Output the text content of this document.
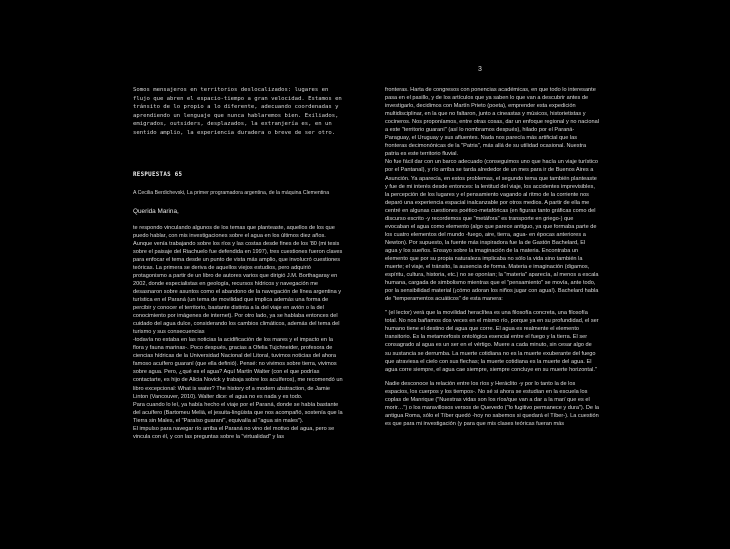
3
Somos mensajeros en territorios deslocalizados: lugares en flujo que abren el espacio-tiempo a gran velocidad. Estamos en tránsito de lo propio a lo diferente, adecuando coordenadas y aprendiendo un lenguaje que nunca hablaremos bien. Exiliados, emigrados, outsiders, desplazados, la extranjería es, en un sentido amplio, la experiencia duradera o breve de ser otro.
RESPUESTAS 65
A Cecilia Berdichevski, La primer programadora argentina, de la máquina Clementina
Querida Marina,
te respondo vinculando algunos de los temas que planteaste, aquellos de los que puedo hablar, con mis investigaciones sobre el agua en los últimos diez años. Aunque venía trabajando sobre los ríos y las costas desde fines de los '80 (mi tesis sobre el paisaje del Riachuelo fue defendida en 1997), tres cuestiones fueron claves para enfocar el tema desde un punto de vista más amplio, que involucró cuestiones teóricas. La primera se deriva de aquellos viejos estudios, pero adquirió protagonismo a partir de un libro de autores varios que dirigió J.M. Borthagaray en 2002, donde especialistas en geología, recursos hídricos y navegación me desasnaron sobre asuntos como el abandono de la navegación de línea argentina y turística en el Paraná (un tema de movilidad que implica además una forma de percibir y conocer el territorio, bastante distinta a la del viaje en avión o la del conocimiento por imágenes de internet). Por otro lado, ya se hablaba entonces del cuidado del agua dulce, considerando los cambios climáticos, además del tema del turismo y sus consecuencias
-todavía no estaba en las noticias la acidificación de los mares y el impacto en la flora y fauna marinas-. Poco después, gracias a Ofelia Tujchneider, profesora de ciencias hídricas de la Universidad Nacional del Litoral, tuvimos noticias del ahora famoso acuífero guaraní (que ella definió). Pensé: no vivimos sobre tierra, vivimos sobre agua. Pero, ¿qué es el agua? Aquí Martín Walter (con el que podrías contactarte, es hijo de Alicia Novick y trabaja sobre los acuíferos), me recomendó un libro excepcional: What is water? The history of a modern abstraction, de Jamie Linton (Vancouver, 2010). Walter dice: el agua no es nada y es todo.
Para cuando lo leí, ya había hecho el viaje por el Paraná, donde se había bastante del acuífero (Bartomeu Melià, el jesuita-lingüista que nos acompañó, sostenía que la Tierra sin Males, el "Paraíso guaraní", equivalía al "agua sin males").
El impulso para navegar río arriba el Paraná no vino del motivo del agua, pero se vincula con él, y con las preguntas sobre la "virtualidad" y las
fronteras. Harta de congresos con ponencias académicas, en que todo lo interesante pasa en el pasillo, y de los artículos que ya saben lo que van a descubrir antes de investigarlo, decidimos con Martín Prieto (poeta), emprender esta expedición multidisciplinar, en la que no faltaron, junto a cineastas y músicos, historietistas y cocineros. Nos proponíamos, entre otras cosas, dar un enfoque regional y no nacional a este "territorio guaraní" (así lo nombramos después), hilado por el Paraná-Paraguay, el Uruguay y sus afluentes. Nada nos parecía más artificial que las fronteras decimonónicas de la "Patria", más allá de su utilidad ocasional. Nuestra patria es este territorio fluvial.
No fue fácil dar con un barco adecuado (conseguimos uno que hacía un viaje turístico por el Pantanal), y río arriba se tarda alrededor de un mes para ir de Buenos Aires a Asunción. Ya aparecía, en estos problemas, el segundo tema que también planteaste y fue de mi interés desde entonces: la lentitud del viaje, los accidentes imprevisibles, la percepción de los lugares y el pensamiento vagando al ritmo de la corriente nos deparó una experiencia espacial inalcanzable por otros medios. A partir de ella me centré en algunas cuestiones poético-metafóricas (en figuras tanto gráficas como del discurso escrito -y recordemos que "metáfora" es transporte en griego-) que evocaban el agua como elemento (algo que parece antiguo, ya que formaba parte de los cuatro elementos del mundo -fuego, aire, tierra, agua- en épocas anteriores a Newton). Por supuesto, la fuente más inspiradora fue la de Gastón Bachelard, El agua y los sueños. Ensayo sobre la imaginación de la materia. Encontraba un elemento que por su propia naturaleza implicaba no sólo la vida sino también la muerte; el viaje, el tránsito, la ausencia de forma. Materia e imaginación (digamos, espíritu, cultura, historia, etc.) no se oponían; la "materia" aparecía, al menos a escala humana, cargada de simbolismo mientras que el "pensamiento" se movía, ante todo, por la sensibilidad material (¡cómo adoran los niños jugar con agua!). Bachelard habla de "temperamentos acuáticos" de esta manera:
" (el lector) verá que la movilidad heraclítea es una filosofía concreta, una filosofía total. No nos bañamos dos veces en el mismo río, porque ya en su profundidad, el ser humano tiene el destino del agua que corre. El agua es realmente el elemento transitorio. Es la metamorfosis ontológica esencial entre el fuego y la tierra. El ser consagrado al agua es un ser en el vértigo. Muere a cada minuto, sin cesar algo de su sustancia se derrumba. La muerte cotidiana no es la muerte exuberante del fuego que atraviesa el cielo con sus flechas; la muerte cotidiana es la muerte del agua. El agua corre siempre, el agua cae siempre, siempre concluye en su muerte horizontal."
Nadie desconoce la relación entre los ríos y Heráclito -y por lo tanto la de los espacios, los cuerpos y los tiempos-. No sé si ahora se estudian en la escuela los coplas de Manrique ("Nuestras vidas son los ríos/que van a dar a la mar/ que es el morir…") o los maravillosos versos de Quevedo ("lo fugitivo permanece y dura"). De la antigua Roma, sólo el Tíber quedó -hoy no sabemos si quedará el Tíber-). La cuestión es que para mi investigación (y para que mis clases teóricas fueran más
